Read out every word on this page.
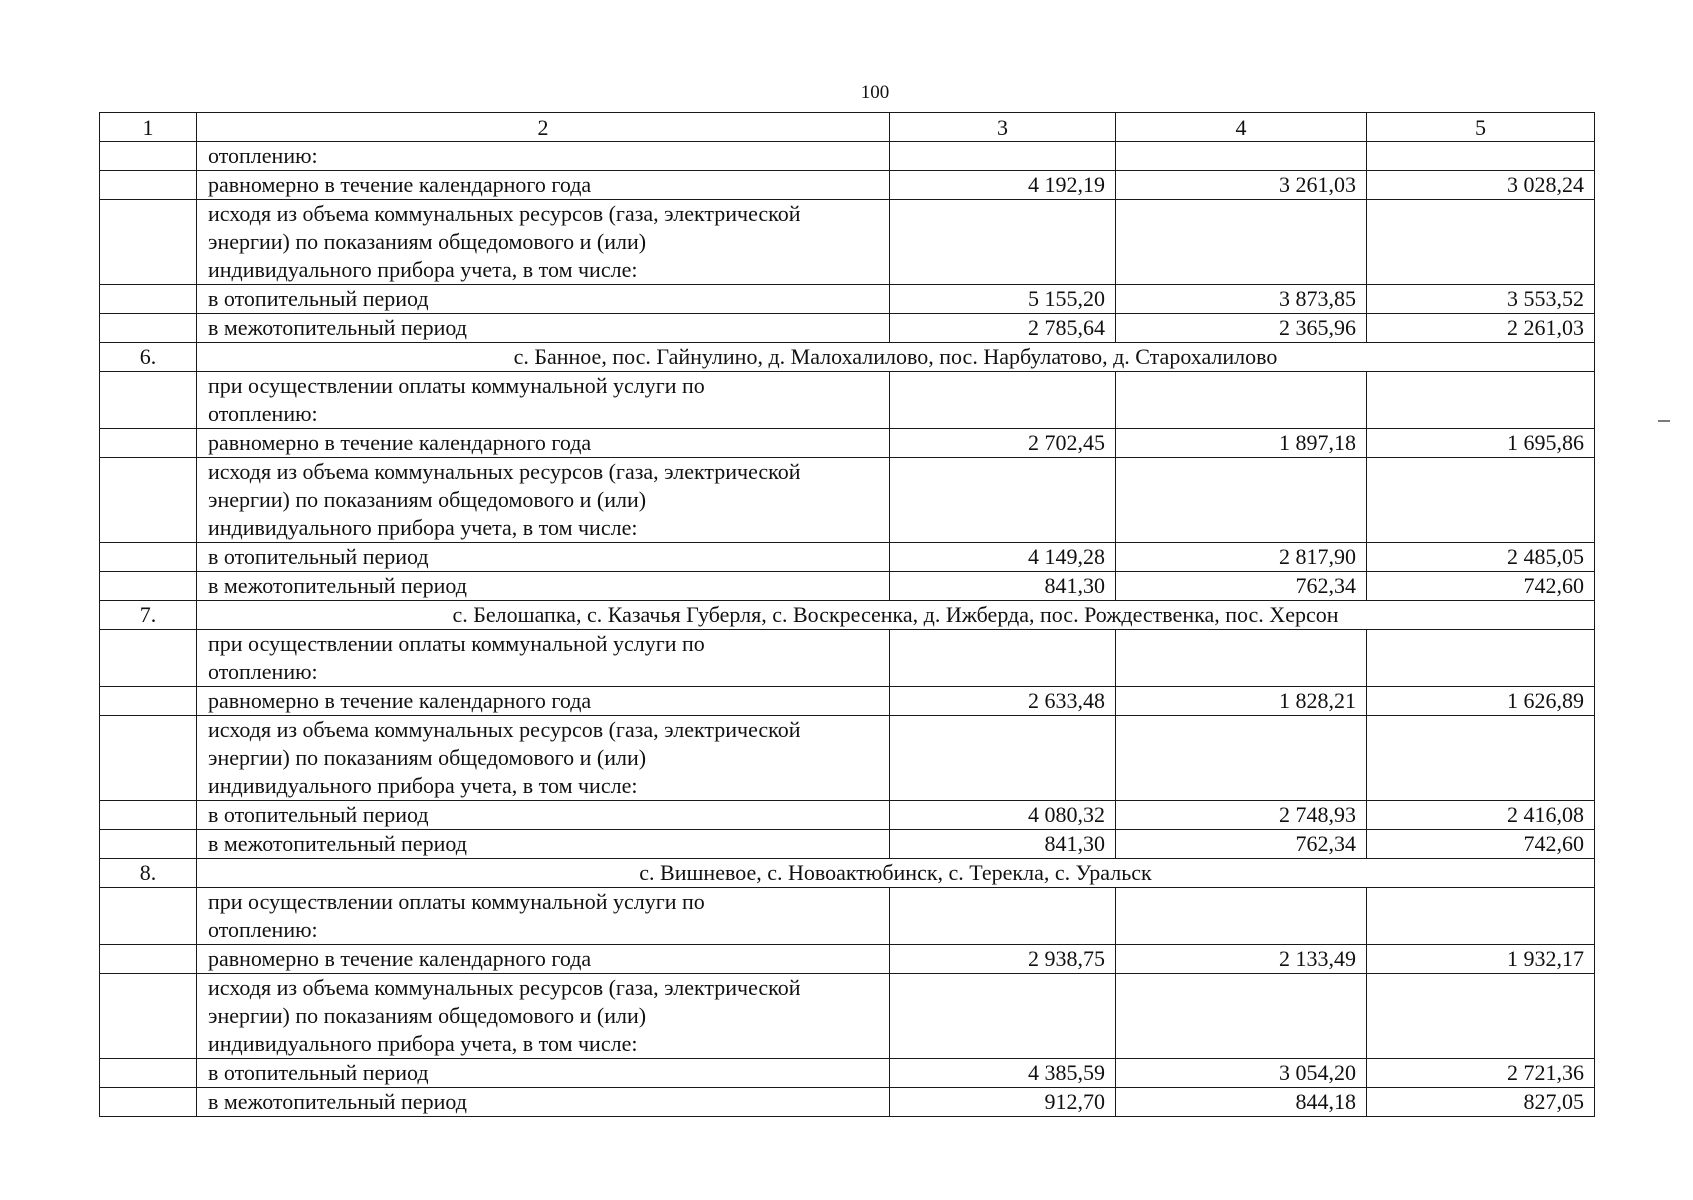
100
1	2	3	4	5
	отоплению:			
	равномерно в течение календарного года	4 192,19	3 261,03	3 028,24

	исходя из объема коммунальных ресурсов (газа, электрической
энергии) по показаниям общедомового и (или)
индивидуального прибора учета, в том числе:			

	в отопительный период	5 155,20	3 873,85	3 553,52
	в межотопительный период	2 785,64	2 365,96	2 261,03
6.	с. Банное, пос. Гайнулино, д. Малохалилово, пос. Нарбулатово, д. Старохалилово			

	при осуществлении оплаты коммунальной услуги по
отоплению:			

	равномерно в течение календарного года	2 702,45	1 897,18	1 695,86

	исходя из объема коммунальных ресурсов (газа, электрической
энергии) по показаниям общедомового и (или)
индивидуального прибора учета, в том числе:			

	в отопительный период	4 149,28	2 817,90	2 485,05
	в межотопительный период	841,30	762,34	742,60
7.	с. Белошапка, с. Казачья Губерля, с. Воскресенка, д. Ижберда, пос. Рождественка, пос. Херсон			

	при осуществлении оплаты коммунальной услуги по
отоплению:			

	равномерно в течение календарного года	2 633,48	1 828,21	1 626,89

	исходя из объема коммунальных ресурсов (газа, электрической
энергии) по показаниям общедомового и (или)
индивидуального прибора учета, в том числе:			

	в отопительный период	4 080,32	2 748,93	2 416,08
	в межотопительный период	841,30	762,34	742,60
8.	с. Вишневое, с. Новоактюбинск, с. Терекла, с. Уральск			

	при осуществлении оплаты коммунальной услуги по
отоплению:			

	равномерно в течение календарного года	2 938,75	2 133,49	1 932,17

	исходя из объема коммунальных ресурсов (газа, электрической
энергии) по показаниям общедомового и (или)
индивидуального прибора учета, в том числе:			

	в отопительный период	4 385,59	3 054,20	2 721,36
	в межотопительный период	912,70	844,18	827,05
